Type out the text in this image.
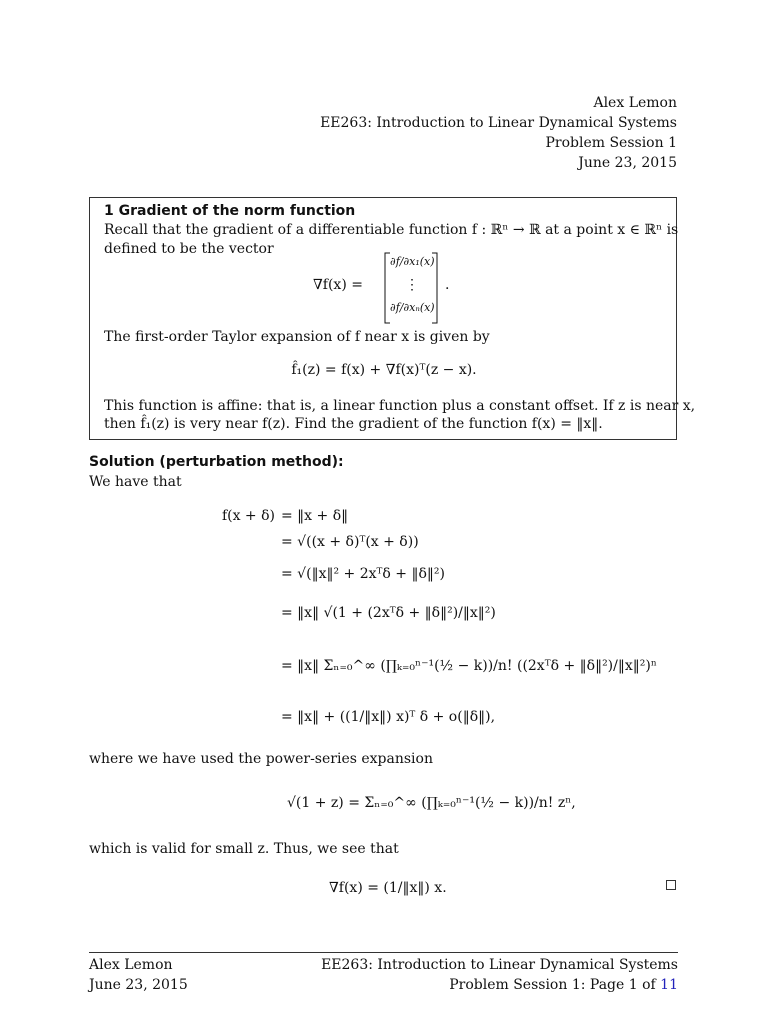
Alex Lemon
EE263: Introduction to Linear Dynamical Systems
Problem Session 1
June 23, 2015
1 Gradient of the norm function
Recall that the gradient of a differentiable function f : ℝⁿ → ℝ at a point x ∈ ℝⁿ is
defined to be the vector
∇f(x) =
∂f/∂x₁(x)
⋮
∂f/∂xₙ(x)
.
The first-order Taylor expansion of f near x is given by
f̂₁(z) = f(x) + ∇f(x)ᵀ(z − x).
This function is affine: that is, a linear function plus a constant offset. If z is near x,
then f̂₁(z) is very near f(z). Find the gradient of the function f(x) = ‖x‖.
Solution (perturbation method):
We have that
f(x + δ) = ‖x + δ‖
= √((x + δ)ᵀ(x + δ))
= √(‖x‖² + 2xᵀδ + ‖δ‖²)
= ‖x‖ √(1 + (2xᵀδ + ‖δ‖²)/‖x‖²)
= ‖x‖ Σₙ₌₀^∞ (∏ₖ₌₀ⁿ⁻¹(½ − k))/n! ((2xᵀδ + ‖δ‖²)/‖x‖²)ⁿ
= ‖x‖ + ((1/‖x‖) x)ᵀ δ + o(‖δ‖),
where we have used the power-series expansion
√(1 + z) = Σₙ₌₀^∞ (∏ₖ₌₀ⁿ⁻¹(½ − k))/n! zⁿ,
which is valid for small z. Thus, we see that
∇f(x) = (1/‖x‖) x.
Alex Lemon
June 23, 2015
EE263: Introduction to Linear Dynamical Systems
Problem Session 1: Page 1 of 11
